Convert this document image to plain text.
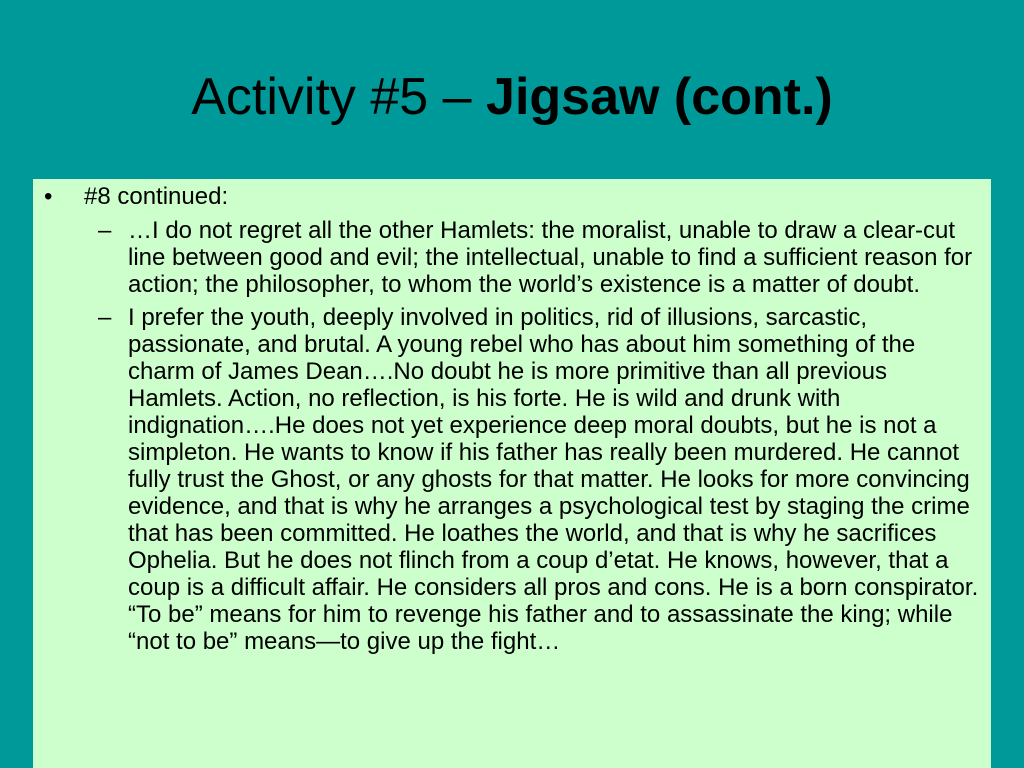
Activity #5 – Jigsaw (cont.)
• #8 continued:
– …I do not regret all the other Hamlets: the moralist, unable to draw a clear-cut line between good and evil; the intellectual, unable to find a sufficient reason for action; the philosopher, to whom the world’s existence is a matter of doubt.
– I prefer the youth, deeply involved in politics, rid of illusions, sarcastic, passionate, and brutal. A young rebel who has about him something of the charm of James Dean….No doubt he is more primitive than all previous Hamlets. Action, no reflection, is his forte. He is wild and drunk with indignation….He does not yet experience deep moral doubts, but he is not a simpleton. He wants to know if his father has really been murdered. He cannot fully trust the Ghost, or any ghosts for that matter. He looks for more convincing evidence, and that is why he arranges a psychological test by staging the crime that has been committed. He loathes the world, and that is why he sacrifices Ophelia. But he does not flinch from a coup d’etat. He knows, however, that a coup is a difficult affair. He considers all pros and cons. He is a born conspirator. “To be” means for him to revenge his father and to assassinate the king; while “not to be” means—to give up the fight…
